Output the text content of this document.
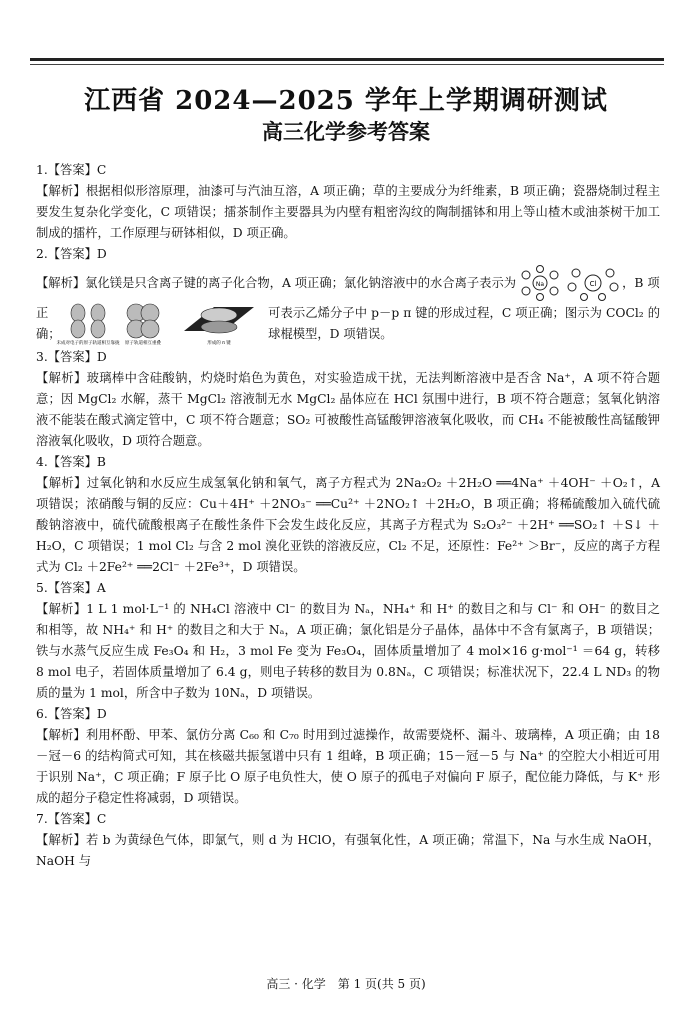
江西省 2024—2025 学年上学期调研测试
高三化学参考答案

1.【答案】C

【解析】根据相似形溶原理，油漆可与汽油互溶，A 项正确；草的主要成分为纤维素，B 项正确；瓷器烧制过程主要发生复杂化学变化，C 项错误；擂茶制作主要器具为内壁有粗密沟纹的陶制擂钵和用上等山楂木或油茶树干加工制成的擂杵，工作原理与研钵相似，D 项正确。

2.【答案】D

【解析】氯化镁是只含离子键的离子化合物，A 项正确；氯化钠溶液中的水合离子表示为	Na	Cl ，B 项
正确；
未成对电子的原子轨道相互靠拢 原子轨道相互重叠	形成的 π 键
可表示乙烯分子中 p－p π 键的形成过程，C 项正确；图示为 COCl₂ 的球棍模型，D 项错误。

3.【答案】D

【解析】玻璃棒中含硅酸钠，灼烧时焰色为黄色，对实验造成干扰，无法判断溶液中是否含 Na⁺，A 项不符合题意；因 MgCl₂ 水解，蒸干 MgCl₂ 溶液制无水 MgCl₂ 晶体应在 HCl 氛围中进行，B 项不符合题意；氢氧化钠溶液不能装在酸式滴定管中，C 项不符合题意；SO₂ 可被酸性高锰酸钾溶液氧化吸收，而 CH₄ 不能被酸性高锰酸钾溶液氧化吸收，D 项符合题意。

4.【答案】B

【解析】过氧化钠和水反应生成氢氧化钠和氧气，离子方程式为 2Na₂O₂ ＋2H₂O ══4Na⁺ ＋4OH⁻ ＋O₂↑，A 项错误；浓硝酸与铜的反应：Cu＋4H⁺ ＋2NO₃⁻ ══Cu²⁺ ＋2NO₂↑ ＋2H₂O，B 项正确；将稀硫酸加入硫代硫酸钠溶液中，硫代硫酸根离子在酸性条件下会发生歧化反应，其离子方程式为 S₂O₃²⁻ ＋2H⁺ ══SO₂↑ ＋S↓ ＋H₂O，C 项错误；1 mol Cl₂ 与含 2 mol 溴化亚铁的溶液反应，Cl₂ 不足，还原性：Fe²⁺ ＞Br⁻，反应的离子方程式为 Cl₂ ＋2Fe²⁺ ══2Cl⁻ ＋2Fe³⁺，D 项错误。

5.【答案】A

【解析】1 L 1 mol·L⁻¹ 的 NH₄Cl 溶液中 Cl⁻ 的数目为 Nₐ，NH₄⁺ 和 H⁺ 的数目之和与 Cl⁻ 和 OH⁻ 的数目之和相等，故 NH₄⁺ 和 H⁺ 的数目之和大于 Nₐ，A 项正确；氯化铝是分子晶体，晶体中不含有氯离子，B 项错误；铁与水蒸气反应生成 Fe₃O₄ 和 H₂，3 mol Fe 变为 Fe₃O₄，固体质量增加了 4 mol×16 g·mol⁻¹ ＝64 g，转移 8 mol 电子，若固体质量增加了 6.4 g，则电子转移的数目为 0.8Nₐ，C 项错误；标准状况下，22.4 L ND₃ 的物质的量为 1 mol，所含中子数为 10Nₐ，D 项错误。

6.【答案】D

【解析】利用杯酚、甲苯、氯仿分离 C₆₀ 和 C₇₀ 时用到过滤操作，故需要烧杯、漏斗、玻璃棒，A 项正确；由 18－冠－6 的结构简式可知，其在核磁共振氢谱中只有 1 组峰，B 项正确；15－冠－5 与 Na⁺ 的空腔大小相近可用于识别 Na⁺，C 项正确；F 原子比 O 原子电负性大，使 O 原子的孤电子对偏向 F 原子，配位能力降低，与 K⁺ 形成的超分子稳定性将减弱，D 项错误。

7.【答案】C

【解析】若 b 为黄绿色气体，即氯气，则 d 为 HClO，有强氧化性，A 项正确；常温下，Na 与水生成 NaOH，NaOH 与

高三 · 化学　第 1 页(共 5 页)
